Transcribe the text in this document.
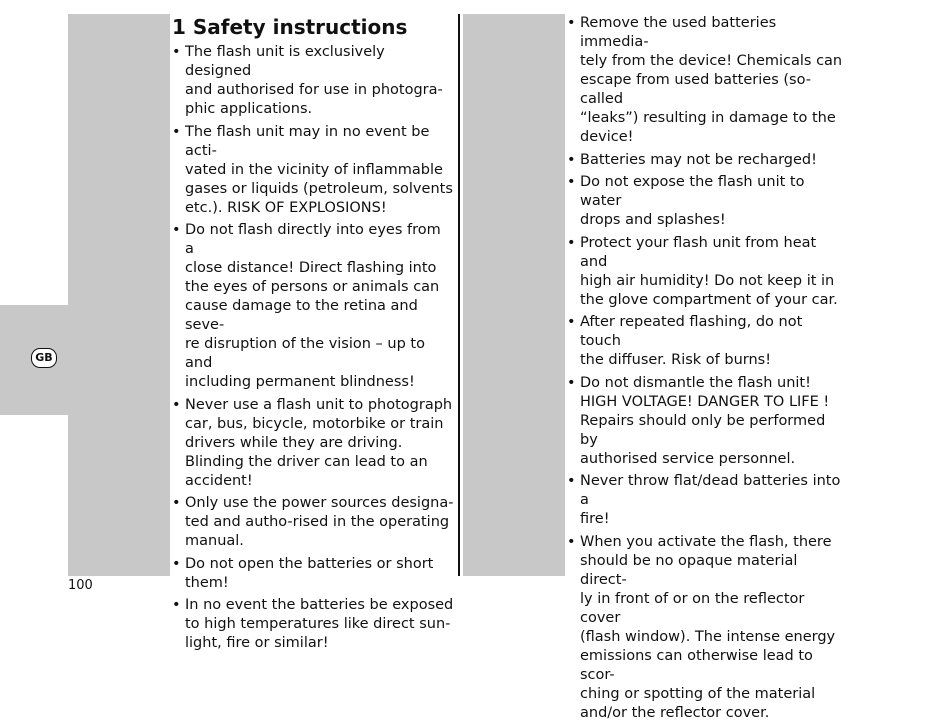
GB
1 Safety instructions
• The flash unit is exclusively designed
and authorised for use in photogra-
phic applications.
• The flash unit may in no event be acti-
vated in the vicinity of inflammable
gases or liquids (petroleum, solvents
etc.). RISK OF EXPLOSIONS!
• Do not flash directly into eyes from a
close distance! Direct flashing into
the eyes of persons or animals can
cause damage to the retina and seve-
re disruption of the vision – up to and
including permanent blindness!
• Never use a flash unit to photograph
car, bus, bicycle, motorbike or train
drivers while they are driving.
Blinding the driver can lead to an
accident!
• Only use the power sources designa-
ted and autho-rised in the operating
manual.
• Do not open the batteries or short
them!
• In no event the batteries be exposed
to high temperatures like direct sun-
light, fire or similar!
• Remove the used batteries immedia-
tely from the device! Chemicals can
escape from used batteries (so-called
“leaks”) resulting in damage to the
device!
• Batteries may not be recharged!
• Do not expose the flash unit to water
drops and splashes!
• Protect your flash unit from heat and
high air humidity! Do not keep it in
the glove compartment of your car.
• After repeated flashing, do not touch
the diffuser. Risk of burns!
• Do not dismantle the flash unit!
HIGH VOLTAGE! DANGER TO LIFE !
Repairs should only be performed by
authorised service personnel.
• Never throw flat/dead batteries into a
fire!
• When you activate the flash, there
should be no opaque material direct-
ly in front of or on the reflector cover
(flash window). The intense energy
emissions can otherwise lead to scor-
ching or spotting of the material
and/or the reflector cover.
100
